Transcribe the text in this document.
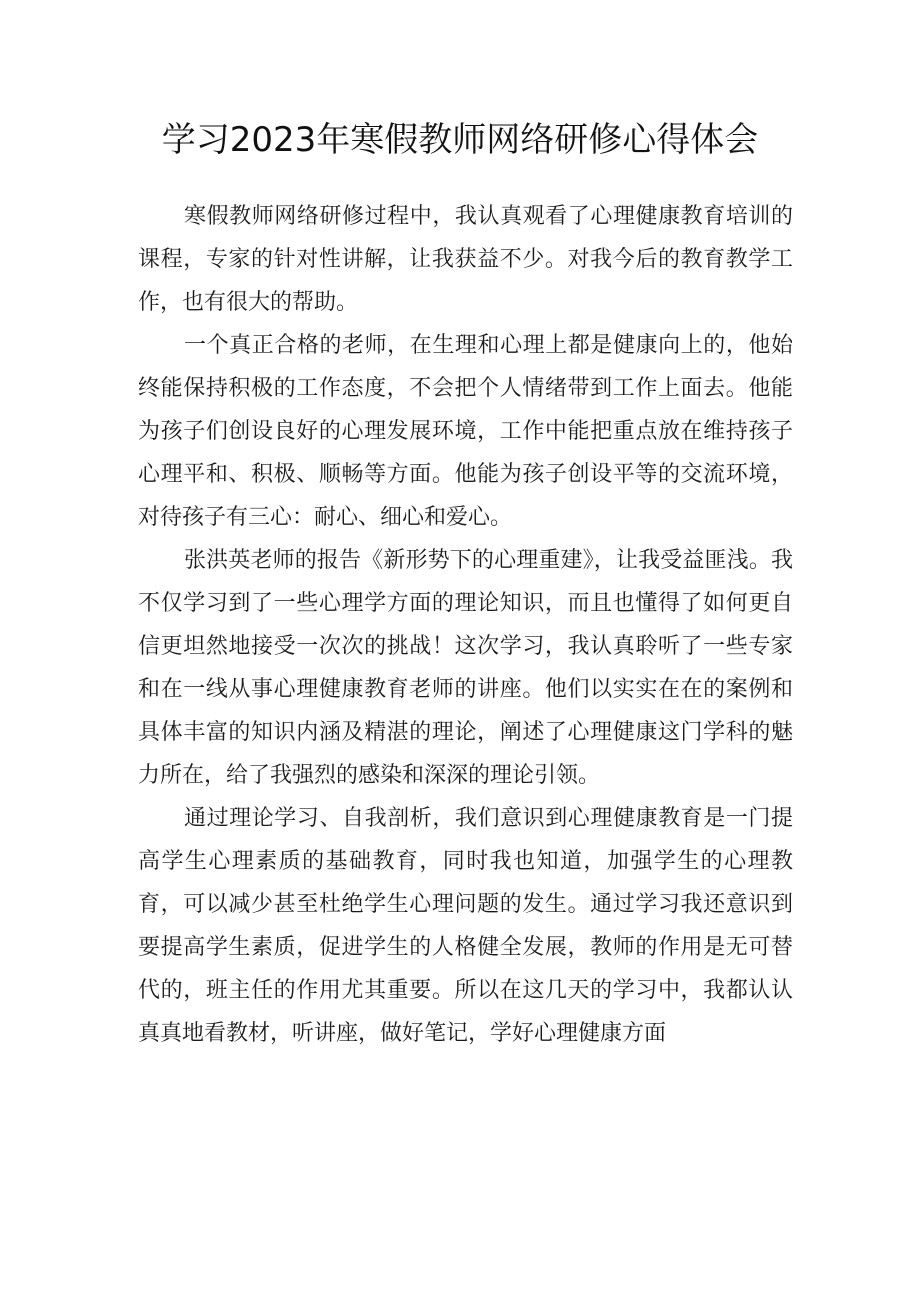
学习2023年寒假教师网络研修心得体会

寒假教师网络研修过程中，我认真观看了心理健康教育培训的课程，专家的针对性讲解，让我获益不少。对我今后的教育教学工作，也有很大的帮助。

一个真正合格的老师，在生理和心理上都是健康向上的，他始终能保持积极的工作态度，不会把个人情绪带到工作上面去。他能为孩子们创设良好的心理发展环境，工作中能把重点放在维持孩子心理平和、积极、顺畅等方面。他能为孩子创设平等的交流环境，对待孩子有三心：耐心、细心和爱心。

张洪英老师的报告《新形势下的心理重建》，让我受益匪浅。我不仅学习到了一些心理学方面的理论知识，而且也懂得了如何更自信更坦然地接受一次次的挑战！这次学习，我认真聆听了一些专家和在一线从事心理健康教育老师的讲座。他们以实实在在的案例和具体丰富的知识内涵及精湛的理论，阐述了心理健康这门学科的魅力所在，给了我强烈的感染和深深的理论引领。

通过理论学习、自我剖析，我们意识到心理健康教育是一门提高学生心理素质的基础教育，同时我也知道，加强学生的心理教育，可以减少甚至杜绝学生心理问题的发生。通过学习我还意识到要提高学生素质，促进学生的人格健全发展，教师的作用是无可替代的，班主任的作用尤其重要。所以在这几天的学习中，我都认认真真地看教材，听讲座，做好笔记，学好心理健康方面
